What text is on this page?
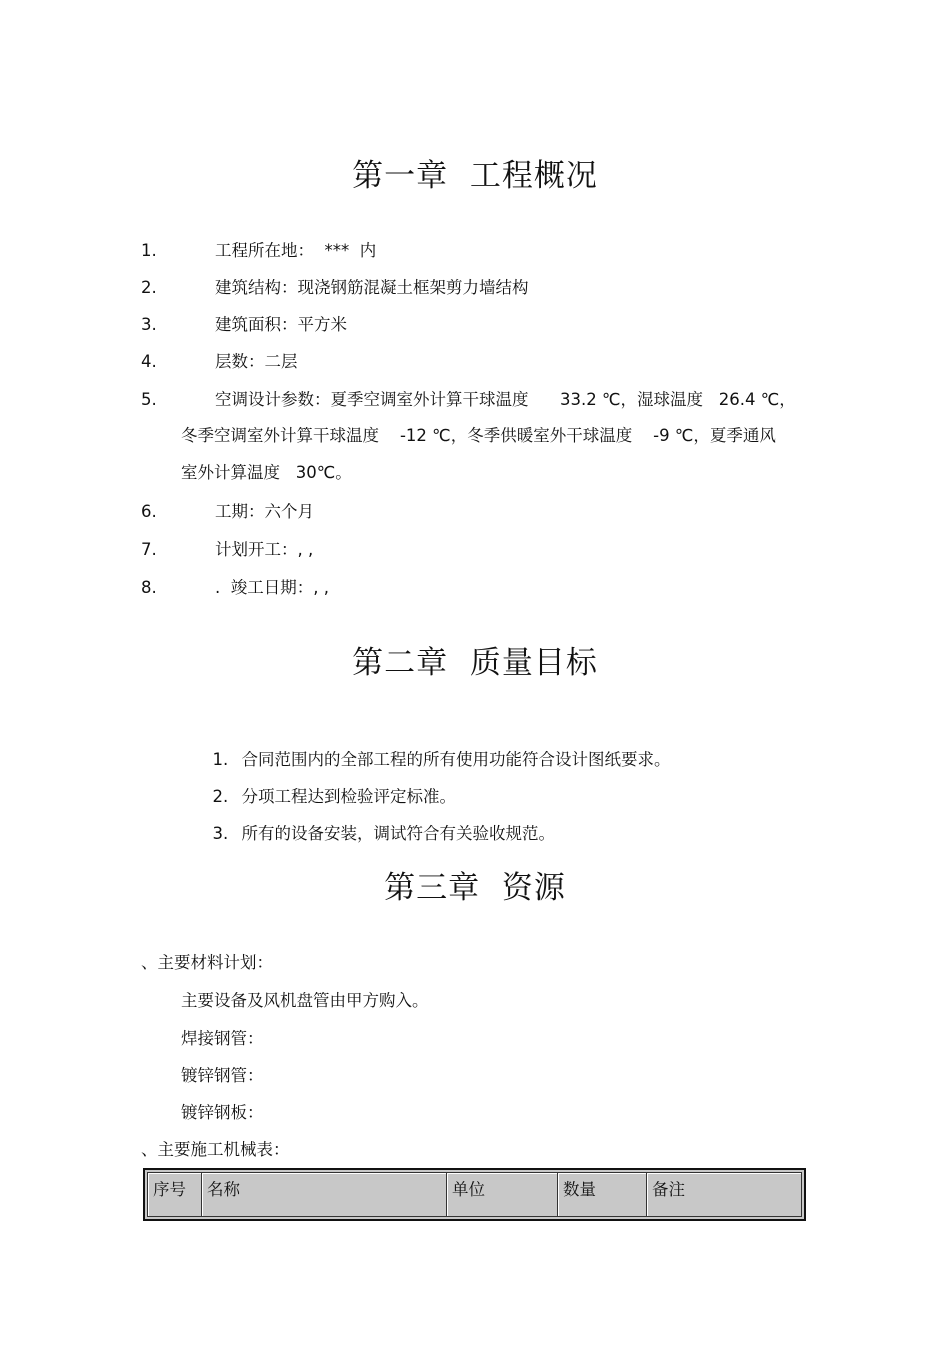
第一章  工程概况
1.	工程所在地：  ***  内
2.	建筑结构：现浇钢筋混凝土框架剪力墙结构
3.	建筑面积：平方米
4.	层数：二层
5.	空调设计参数：夏季空调室外计算干球温度      33.2 ℃，湿球温度   26.4 ℃，
冬季空调室外计算干球温度    -12 ℃，冬季供暖室外干球温度    -9 ℃，夏季通风
室外计算温度   30℃。
6.	工期：六个月
7.	计划开工：, ,
8.	.  竣工日期：, ,
第二章  质量目标

1. 合同范围内的全部工程的所有使用功能符合设计图纸要求。

2. 分项工程达到检验评定标准。

3. 所有的设备安装，调试符合有关验收规范。

第三章  资源
、主要材料计划：
主要设备及风机盘管由甲方购入。
焊接钢管：
镀锌钢管：
镀锌钢板：
、主要施工机械表：
序号	名称	单位	数量	备注
